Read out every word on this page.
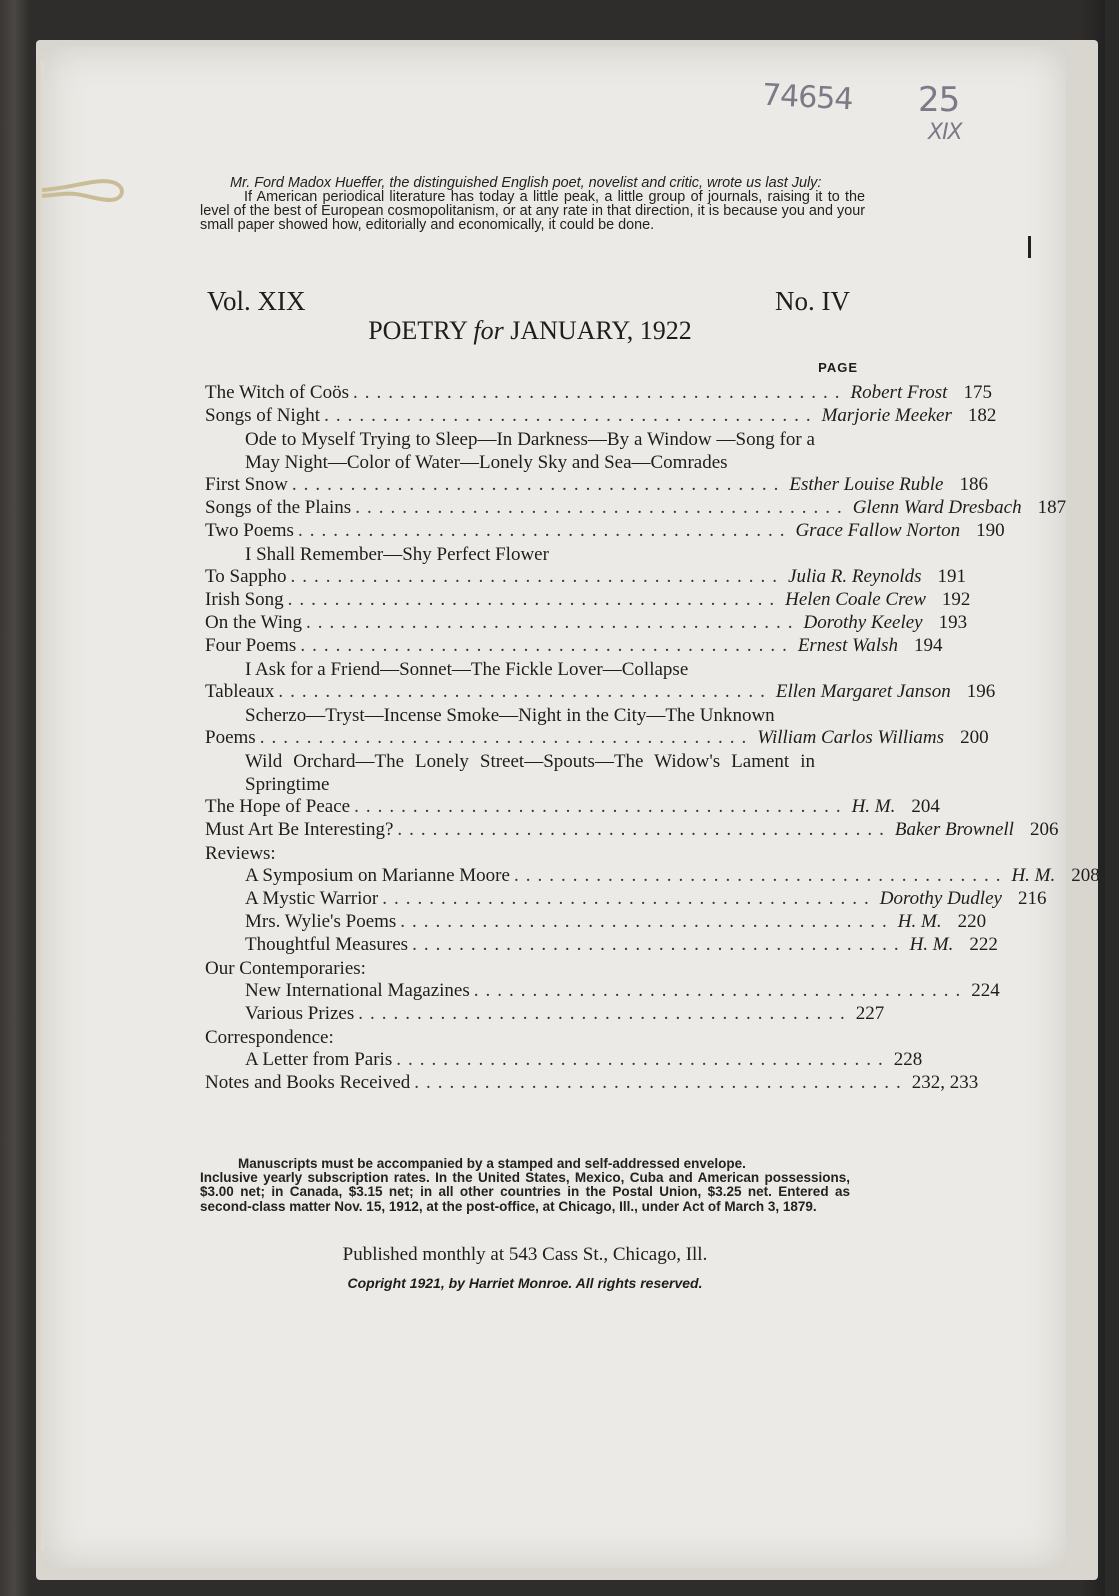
74654 25
XIX
Mr. Ford Madox Hueffer, the distinguished English poet, novelist and critic, wrote us last July:
If American periodical literature has today a little peak, a little group of journals, raising it to the level of the best of European cosmopolitanism, or at any rate in that direction, it is because you and your small paper showed how, editorially and economically, it could be done.
Vol. XIX	No. IV
POETRY for JANUARY, 1922
PAGE
The Witch of Coös .......................................... Robert Frost 175
Songs of Night .......................................... Marjorie Meeker 182
Ode to Myself Trying to Sleep—In Darkness—By a Window —Song for a May Night—Color of Water—Lonely Sky and Sea—Comrades
First Snow .......................................... Esther Louise Ruble 186
Songs of the Plains .......................................... Glenn Ward Dresbach 187
Two Poems .......................................... Grace Fallow Norton 190
I Shall Remember—Shy Perfect Flower
To Sappho .......................................... Julia R. Reynolds 191
Irish Song .......................................... Helen Coale Crew 192
On the Wing .......................................... Dorothy Keeley 193
Four Poems .......................................... Ernest Walsh 194
I Ask for a Friend—Sonnet—The Fickle Lover—Collapse
Tableaux .......................................... Ellen Margaret Janson 196
Scherzo—Tryst—Incense Smoke—Night in the City—The Unknown
Poems .......................................... William Carlos Williams 200
Wild Orchard—The Lonely Street—Spouts—The Widow's Lament in Springtime
The Hope of Peace .......................................... H. M. 204
Must Art Be Interesting? .......................................... Baker Brownell 206
Reviews:
A Symposium on Marianne Moore .......................................... H. M. 208
A Mystic Warrior .......................................... Dorothy Dudley 216
Mrs. Wylie's Poems .......................................... H. M. 220
Thoughtful Measures .......................................... H. M. 222
Our Contemporaries:
New International Magazines .......................................... 224
Various Prizes .......................................... 227
Correspondence:
A Letter from Paris .......................................... 228
Notes and Books Received .......................................... 232, 233
Manuscripts must be accompanied by a stamped and self-addressed envelope.
Inclusive yearly subscription rates. In the United States, Mexico, Cuba and American possessions, $3.00 net; in Canada, $3.15 net; in all other countries in the Postal Union, $3.25 net. Entered as second-class matter Nov. 15, 1912, at the post-office, at Chicago, Ill., under Act of March 3, 1879.
Published monthly at 543 Cass St., Chicago, Ill.
Copright 1921, by Harriet Monroe. All rights reserved.
